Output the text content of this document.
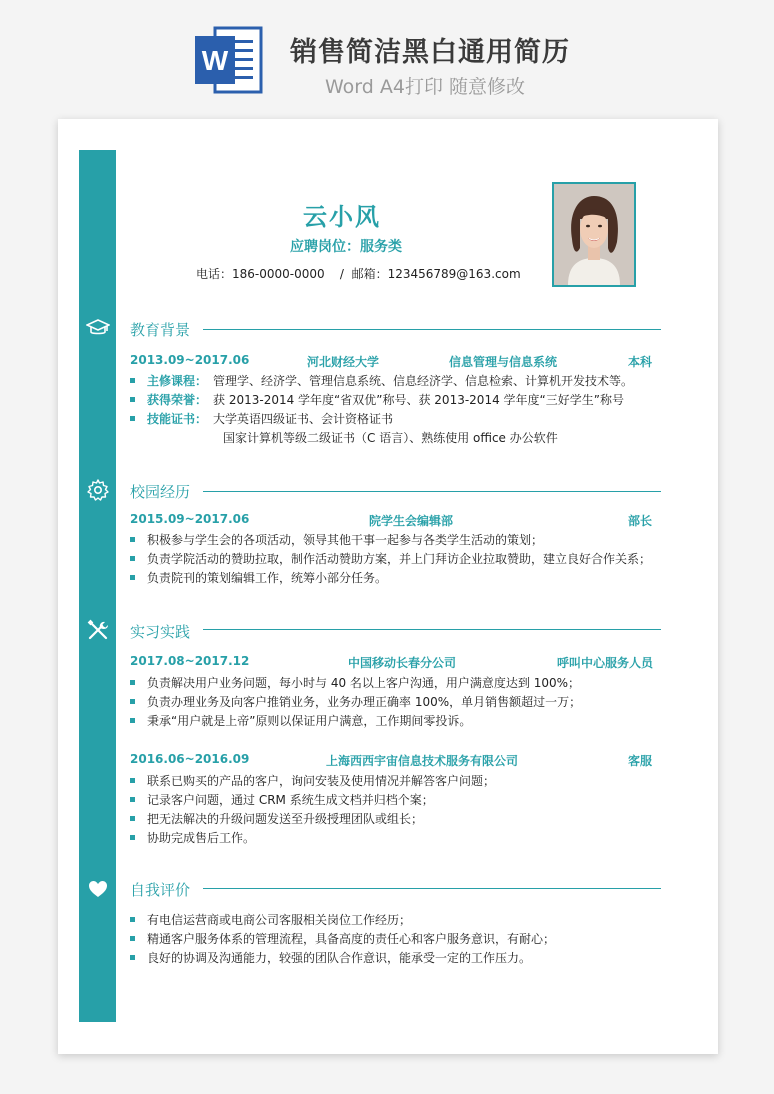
W 销售简洁黑白通用简历
Word A4打印 随意修改
云小风
应聘岗位：服务类
电话：186-0000-0000    /  邮箱：123456789@163.com
教育背景
2013.09~2017.06	河北财经大学	信息管理与信息系统	本科
主修课程： 管理学、经济学、管理信息系统、信息经济学、信息检索、计算机开发技术等。
获得荣誉： 获 2013-2014 学年度“省双优”称号、获 2013-2014 学年度“三好学生”称号
技能证书： 大学英语四级证书、会计资格证书
国家计算机等级二级证书（C 语言）、熟练使用 office 办公软件
校园经历
2015.09~2017.06	院学生会编辑部	部长
积极参与学生会的各项活动，领导其他干事一起参与各类学生活动的策划；
负责学院活动的赞助拉取，制作活动赞助方案，并上门拜访企业拉取赞助，建立良好合作关系；
负责院刊的策划编辑工作，统筹小部分任务。
实习实践
2017.08~2017.12	中国移动长春分公司	呼叫中心服务人员
负责解决用户业务问题，每小时与 40 名以上客户沟通，用户满意度达到 100%；
负责办理业务及向客户推销业务，业务办理正确率 100%，单月销售额超过一万；
秉承“用户就是上帝”原则以保证用户满意，工作期间零投诉。
2016.06~2016.09	上海西西宇宙信息技术服务有限公司	客服
联系已购买的产品的客户，询问安装及使用情况并解答客户问题；
记录客户问题，通过 CRM 系统生成文档并归档个案；
把无法解决的升级问题发送至升级授理团队或组长；
协助完成售后工作。
自我评价
有电信运营商或电商公司客服相关岗位工作经历；
精通客户服务体系的管理流程，具备高度的责任心和客户服务意识，有耐心；
良好的协调及沟通能力，较强的团队合作意识，能承受一定的工作压力。
